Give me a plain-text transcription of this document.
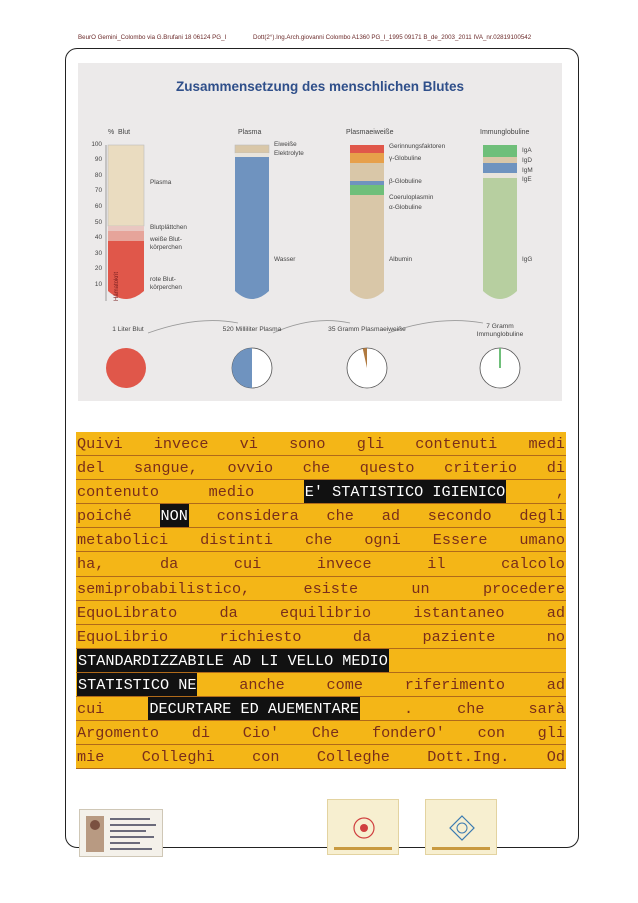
BeurO Gemini_Colombo via G.Brufani 18 06124 PG_I	Dott(2°).Ing.Arch.giovanni Colombo A1360 PG_I_1995 09171 B_de_2003_2011 IVA_nr.02819100542
Zusammensetzung des menschlichen Blutes
% Blut	Plasma	Plasmaeiweiße	Immunglobuline
100
90
80
70
60
50
40
30
20
10
Plasma
Blutplättchen
weiße Blut-
körperchen
rote Blut-
körperchen
Hämatokrit
Eiweiße
Elektrolyte
Wasser
Gerinnungsfaktoren
γ-Globuline
β-Globuline
Coeruloplasmin
α-Globuline
Albumin
IgA
IgD
IgM
IgE
IgG
1 Liter Blut	520 Milliliter Plasma	35 Gramm Plasmaeiweiße	7 Gramm Immunglobuline
Quivi invece vi sono gli contenuti medi
del sangue, ovvio che questo criterio di
contenuto	medio	E' STATISTICO IGIENICO	,
poiché NON considera che ad secondo degli
metabolici distinti che ogni Essere umano
ha,	da	cui	invece	il	calcolo
semiprobabilistico,	esiste	un	procedere
EquoLibrato	da	equilibrio	istantaneo	ad
EquoLibrio	richiesto	da	paziente	no
STANDARDIZZABILE AD LI VELLO MEDIO
STATISTICO NE	anche	come	riferimento	ad
cui	DECURTARE ED AUEMENTARE	.	che	sarà
Argomento di Cio' Che fonderO' con gli
mie Colleghi con Colleghe Dott.Ing. Od
